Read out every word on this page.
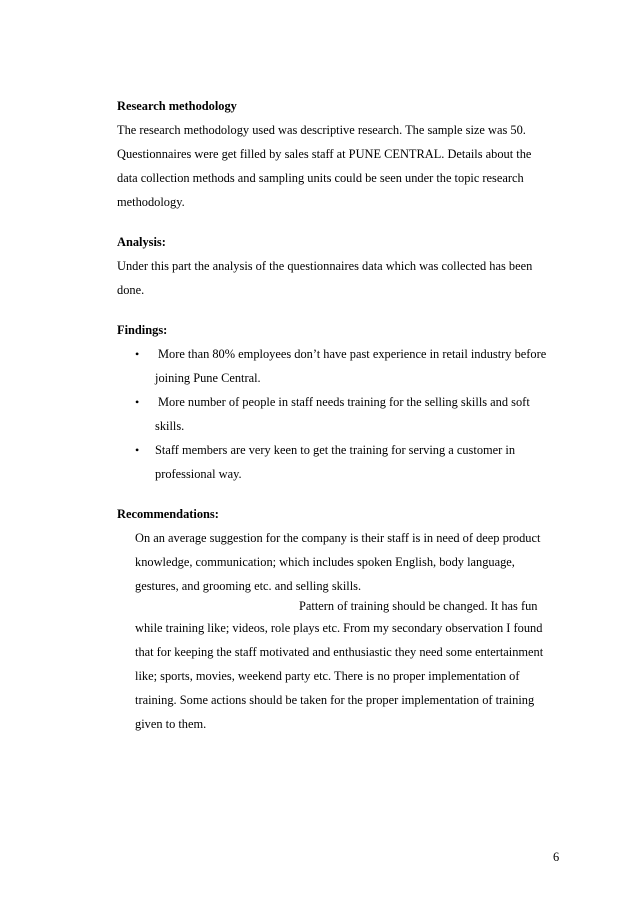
Research methodology
The research methodology used was descriptive research. The sample size was 50.
Questionnaires were get filled by sales staff at PUNE CENTRAL. Details about the
data collection methods and sampling units could be seen under the topic research
methodology.
Analysis:
Under this part the analysis of the questionnaires data which was collected has been
done.
Findings:
• More than 80% employees don’t have past experience in retail industry before
joining Pune Central.
• More number of people in staff needs training for the selling skills and soft
skills.
• Staff members are very keen to get the training for serving a customer in
professional way.
Recommendations:
On an average suggestion for the company is their staff is in need of deep product
knowledge, communication; which includes spoken English, body language,
gestures, and grooming etc. and selling skills.
Pattern of training should be changed. It has fun
while training like; videos, role plays etc. From my secondary observation I found
that for keeping the staff motivated and enthusiastic they need some entertainment
like; sports, movies, weekend party etc. There is no proper implementation of
training. Some actions should be taken for the proper implementation of training
given to them.
6
